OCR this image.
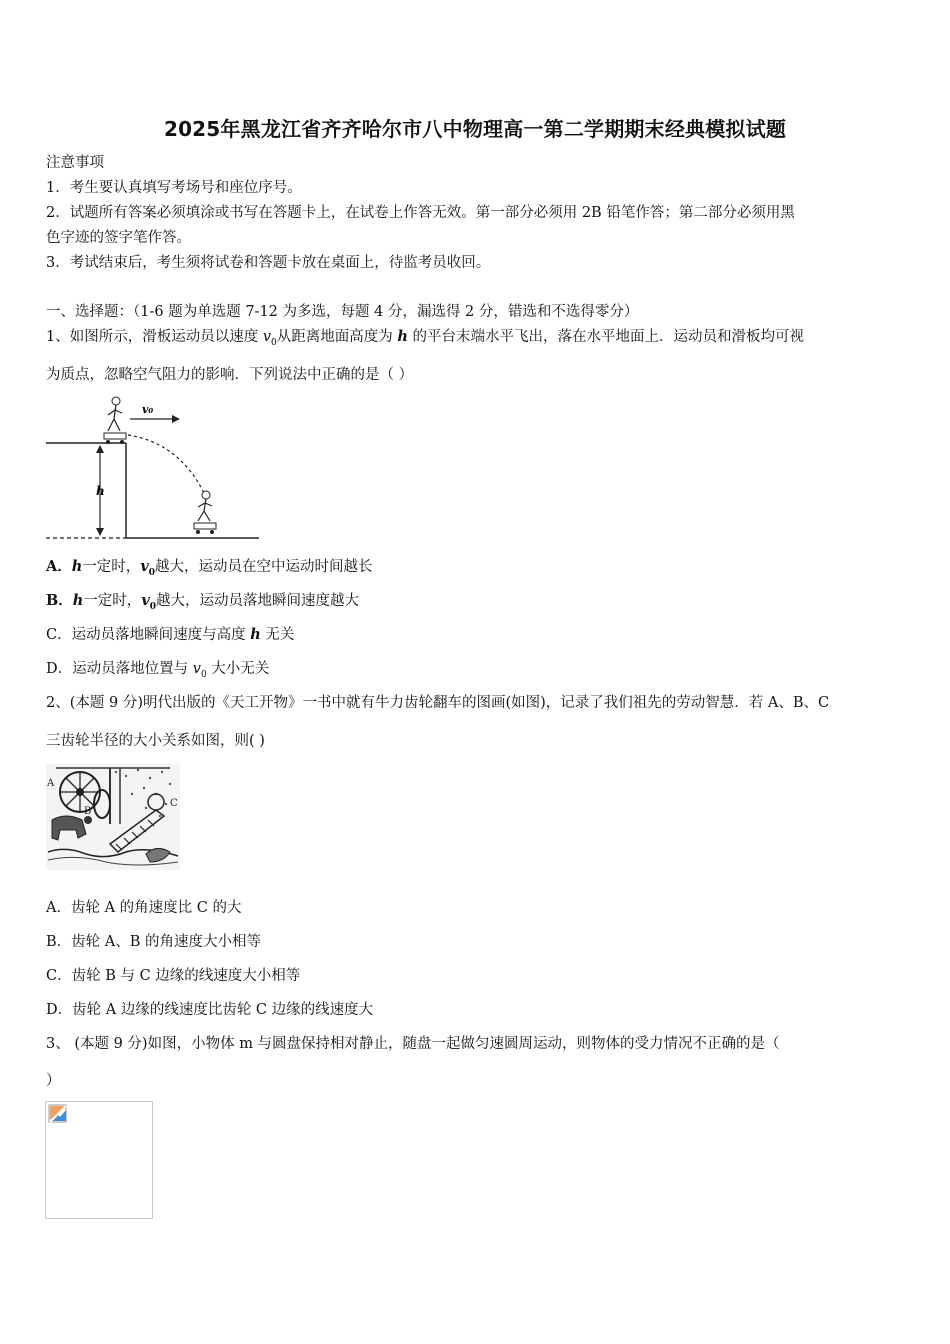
2025年黑龙江省齐齐哈尔市八中物理高一第二学期期末经典模拟试题
注意事项
1．考生要认真填写考场号和座位序号。
2．试题所有答案必须填涂或书写在答题卡上，在试卷上作答无效。第一部分必须用 2B 铅笔作答；第二部分必须用黑
色字迹的签字笔作答。
3．考试结束后，考生须将试卷和答题卡放在桌面上，待监考员收回。
一、选择题：（1-6 题为单选题 7-12 为多选，每题 4 分，漏选得 2 分，错选和不选得零分）
1、如图所示，滑板运动员以速度 $v_0$从距离地面高度为 h 的平台末端水平飞出，落在水平地面上．运动员和滑板均可视
为质点，忽略空气阻力的影响．下列说法中正确的是（ ）
v₀
h
A．h一定时，$v_0$越大，运动员在空中运动时间越长
B．h一定时，$v_0$越大，运动员落地瞬间速度越大
C．运动员落地瞬间速度与高度 h 无关
D．运动员落地位置与 $v_0$ 大小无关
2、(本题 9 分)明代出版的《天工开物》一书中就有牛力齿轮翻车的图画(如图)，记录了我们祖先的劳动智慧．若 A、B、C
三齿轮半径的大小关系如图，则( )
A
B
C
A．齿轮 A 的角速度比 C 的大
B．齿轮 A、B 的角速度大小相等
C．齿轮 B 与 C 边缘的线速度大小相等
D．齿轮 A 边缘的线速度比齿轮 C 边缘的线速度大
3、 (本题 9 分)如图，小物体 m 与圆盘保持相对静止，随盘一起做匀速圆周运动，则物体的受力情况不正确的是（
）
